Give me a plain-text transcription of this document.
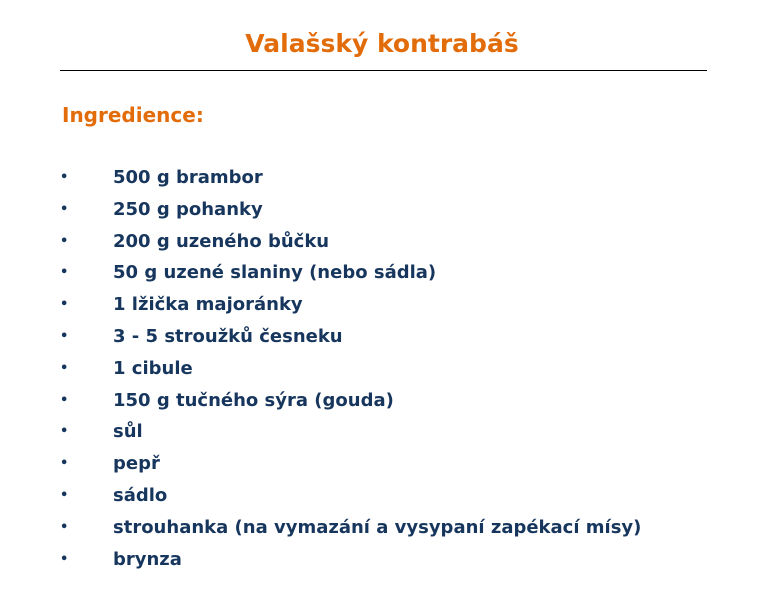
Valašský kontrabáš
Ingredience:
• 500 g brambor
• 250 g pohanky
• 200 g uzeného bůčku
• 50 g uzené slaniny (nebo sádla)
• 1 lžička majoránky
• 3 - 5 stroužků česneku
• 1 cibule
• 150 g tučného sýra (gouda)
• sůl
• pepř
• sádlo
• strouhanka (na vymazání a vysypaní zapékací mísy)
• brynza
